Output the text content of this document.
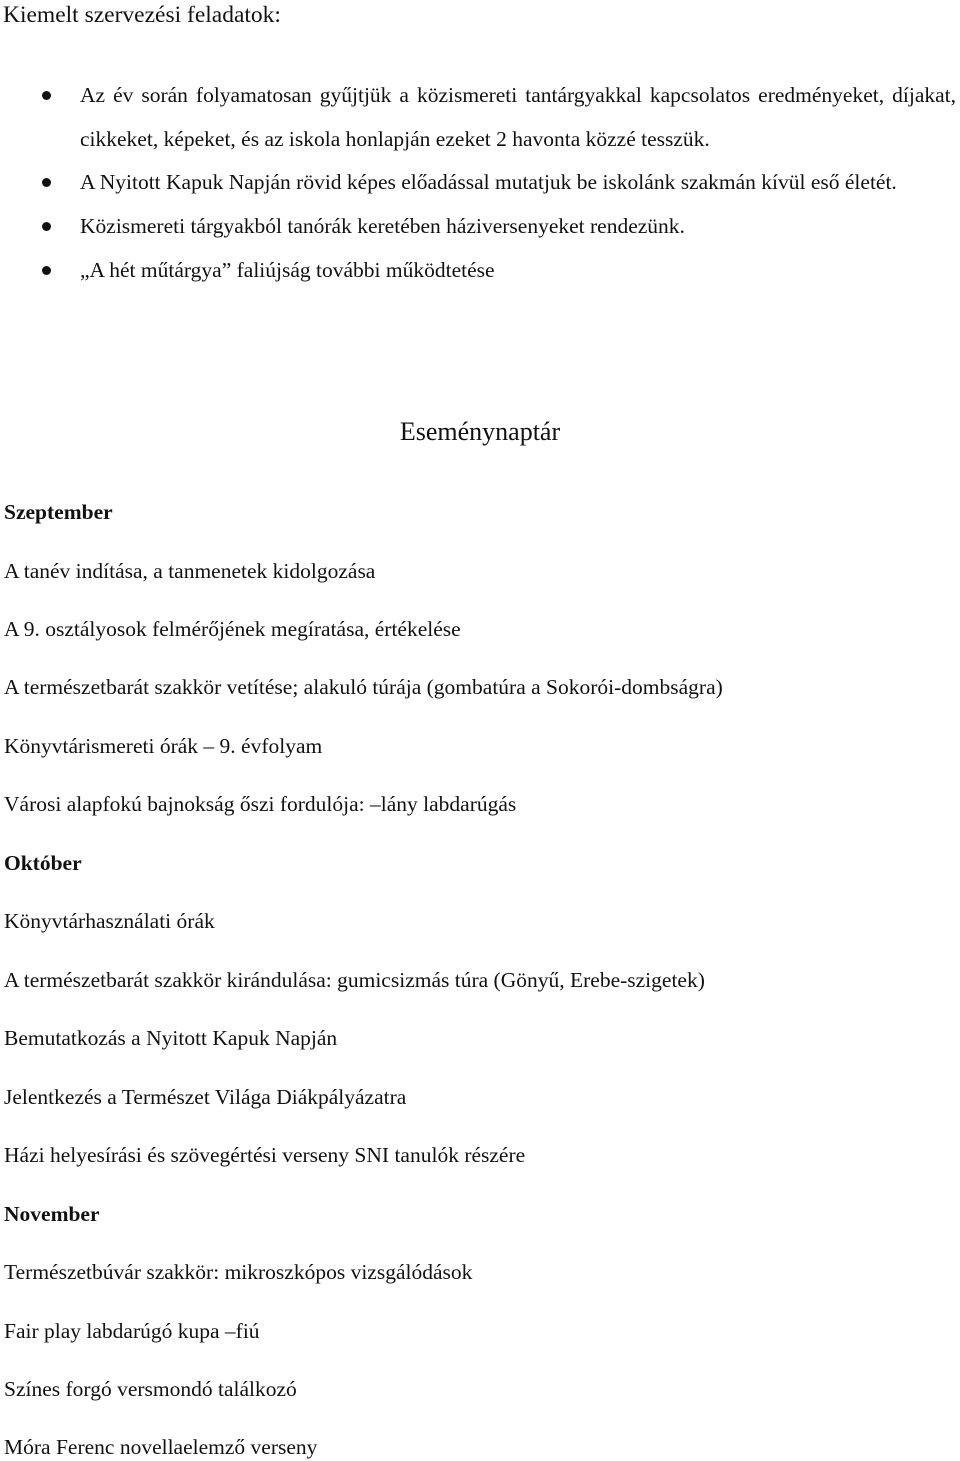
Kiemelt szervezési feladatok:
Az év során folyamatosan gyűjtjük a közismereti tantárgyakkal kapcsolatos eredményeket, díjakat, cikkeket, képeket, és az iskola honlapján ezeket 2 havonta közzé tesszük.
A Nyitott Kapuk Napján rövid képes előadással mutatjuk be iskolánk szakmán kívül eső életét.
Közismereti tárgyakból tanórák keretében háziversenyeket rendezünk.
„A hét műtárgya” faliújság további működtetése
Eseménynaptár
Szeptember
A tanév indítása, a tanmenetek kidolgozása
A 9. osztályosok felmérőjének megíratása, értékelése
A természetbarát szakkör vetítése; alakuló túrája (gombatúra a Sokorói-dombságra)
Könyvtárismereti órák – 9. évfolyam
Városi alapfokú bajnokság őszi fordulója: –lány labdarúgás
Október
Könyvtárhasználati órák
A természetbarát szakkör kirándulása: gumicsizmás túra (Gönyű, Erebe-szigetek)
Bemutatkozás a Nyitott Kapuk Napján
Jelentkezés a Természet Világa Diákpályázatra
Házi helyesírási és szövegértési verseny SNI tanulók részére
November
Természetbúvár szakkör: mikroszkópos vizsgálódások
Fair play labdarúgó kupa –fiú
Színes forgó versmondó találkozó
Móra Ferenc novellaelemző verseny
